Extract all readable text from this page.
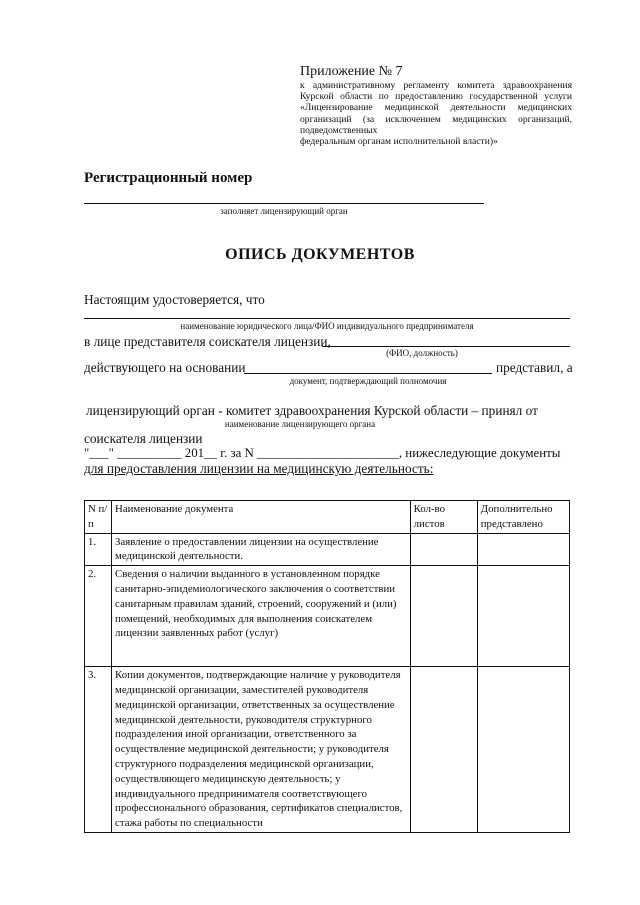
Приложение № 7
к административному регламенту комитета здравоохранения Курской области по предоставлению государственной услуги «Лицензирование медицинской деятельности медицинских организаций (за исключением медицинских организаций, подведомственных
федеральным органам исполнительной власти)»
Регистрационный номер
заполняет лицензирующий орган
ОПИСЬ ДОКУМЕНТОВ
Настоящим удостоверяется, что
наименование юридического лица/ФИО индивидуального предпринимателя
в лице представителя соискателя лицензии,
(ФИО, должность)
действующего на основании	представил, а
документ, подтверждающий полномочия
лицензирующий орган - комитет здравоохранения Курской области – принял от
наименование лицензирующего органа
соискателя лицензии
"___" __________ 201__ г. за N ______________________, нижеследующие документы
для предоставления лицензии на медицинскую деятельность:
N п/п	Наименование документа	Кол-во листов	Дополнительно представлено
1.	Заявление о предоставлении лицензии на осуществление медицинской деятельности.		
2.	Сведения о наличии выданного в установленном порядке санитарно-эпидемиологического заключения о соответствии санитарным правилам зданий, строений, сооружений и (или) помещений, необходимых для выполнения соискателем лицензии заявленных работ (услуг)		
3.	Копии документов, подтверждающие наличие у руководителя медицинской организации, заместителей руководителя медицинской организации, ответственных за осуществление медицинской деятельности, руководителя структурного подразделения иной организации, ответственного за осуществление медицинской деятельности; у руководителя структурного подразделения медицинской организации, осуществляющего медицинскую деятельность; у индивидуального предпринимателя соответствующего профессионального образования, сертификатов специалистов, стажа работы по специальности		
